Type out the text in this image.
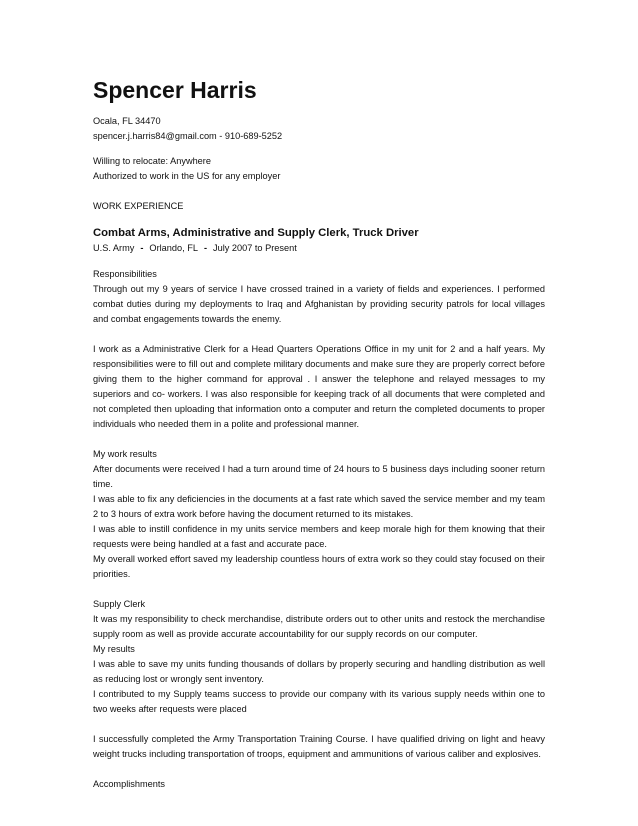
Spencer Harris

Ocala, FL 34470

spencer.j.harris84@gmail.com - 910-689-5252

Willing to relocate: Anywhere

Authorized to work in the US for any employer

WORK EXPERIENCE

Combat Arms, Administrative and Supply Clerk, Truck Driver

U.S. Army - Orlando, FL - July 2007 to Present

Responsibilities

Through out my 9 years of service I have crossed trained in a variety of fields and experiences. I performed combat duties during my deployments to Iraq and Afghanistan by providing security patrols for local villages and combat engagements towards the enemy.

I work as a Administrative Clerk for a Head Quarters Operations Office in my unit for 2 and a half years. My responsibilities were to fill out and complete military documents and make sure they are properly correct before giving them to the higher command for approval . I answer the telephone and relayed messages to my superiors and co- workers. I was also responsible for keeping track of all documents that were completed and not completed then uploading that information onto a computer and return the completed documents to proper individuals who needed them in a polite and professional manner.

My work results

After documents were received I had a turn around time of 24 hours to 5 business days including sooner return time.

I was able to fix any deficiencies in the documents at a fast rate which saved the service member and my team 2 to 3 hours of extra work before having the document returned to its mistakes.

I was able to instill confidence in my units service members and keep morale high for them knowing that their requests were being handled at a fast and accurate pace.

My overall worked effort saved my leadership countless hours of extra work so they could stay focused on their priorities.

Supply Clerk

It was my responsibility to check merchandise, distribute orders out to other units and restock the merchandise supply room as well as provide accurate accountability for our supply records on our computer.

My results

I was able to save my units funding thousands of dollars by properly securing and handling distribution as well as reducing lost or wrongly sent inventory.

I contributed to my Supply teams success to provide our company with its various supply needs within one to two weeks after requests were placed

I successfully completed the Army Transportation Training Course. I have qualified driving on light and heavy weight trucks including transportation of troops, equipment and ammunitions of various caliber and explosives.

Accomplishments
